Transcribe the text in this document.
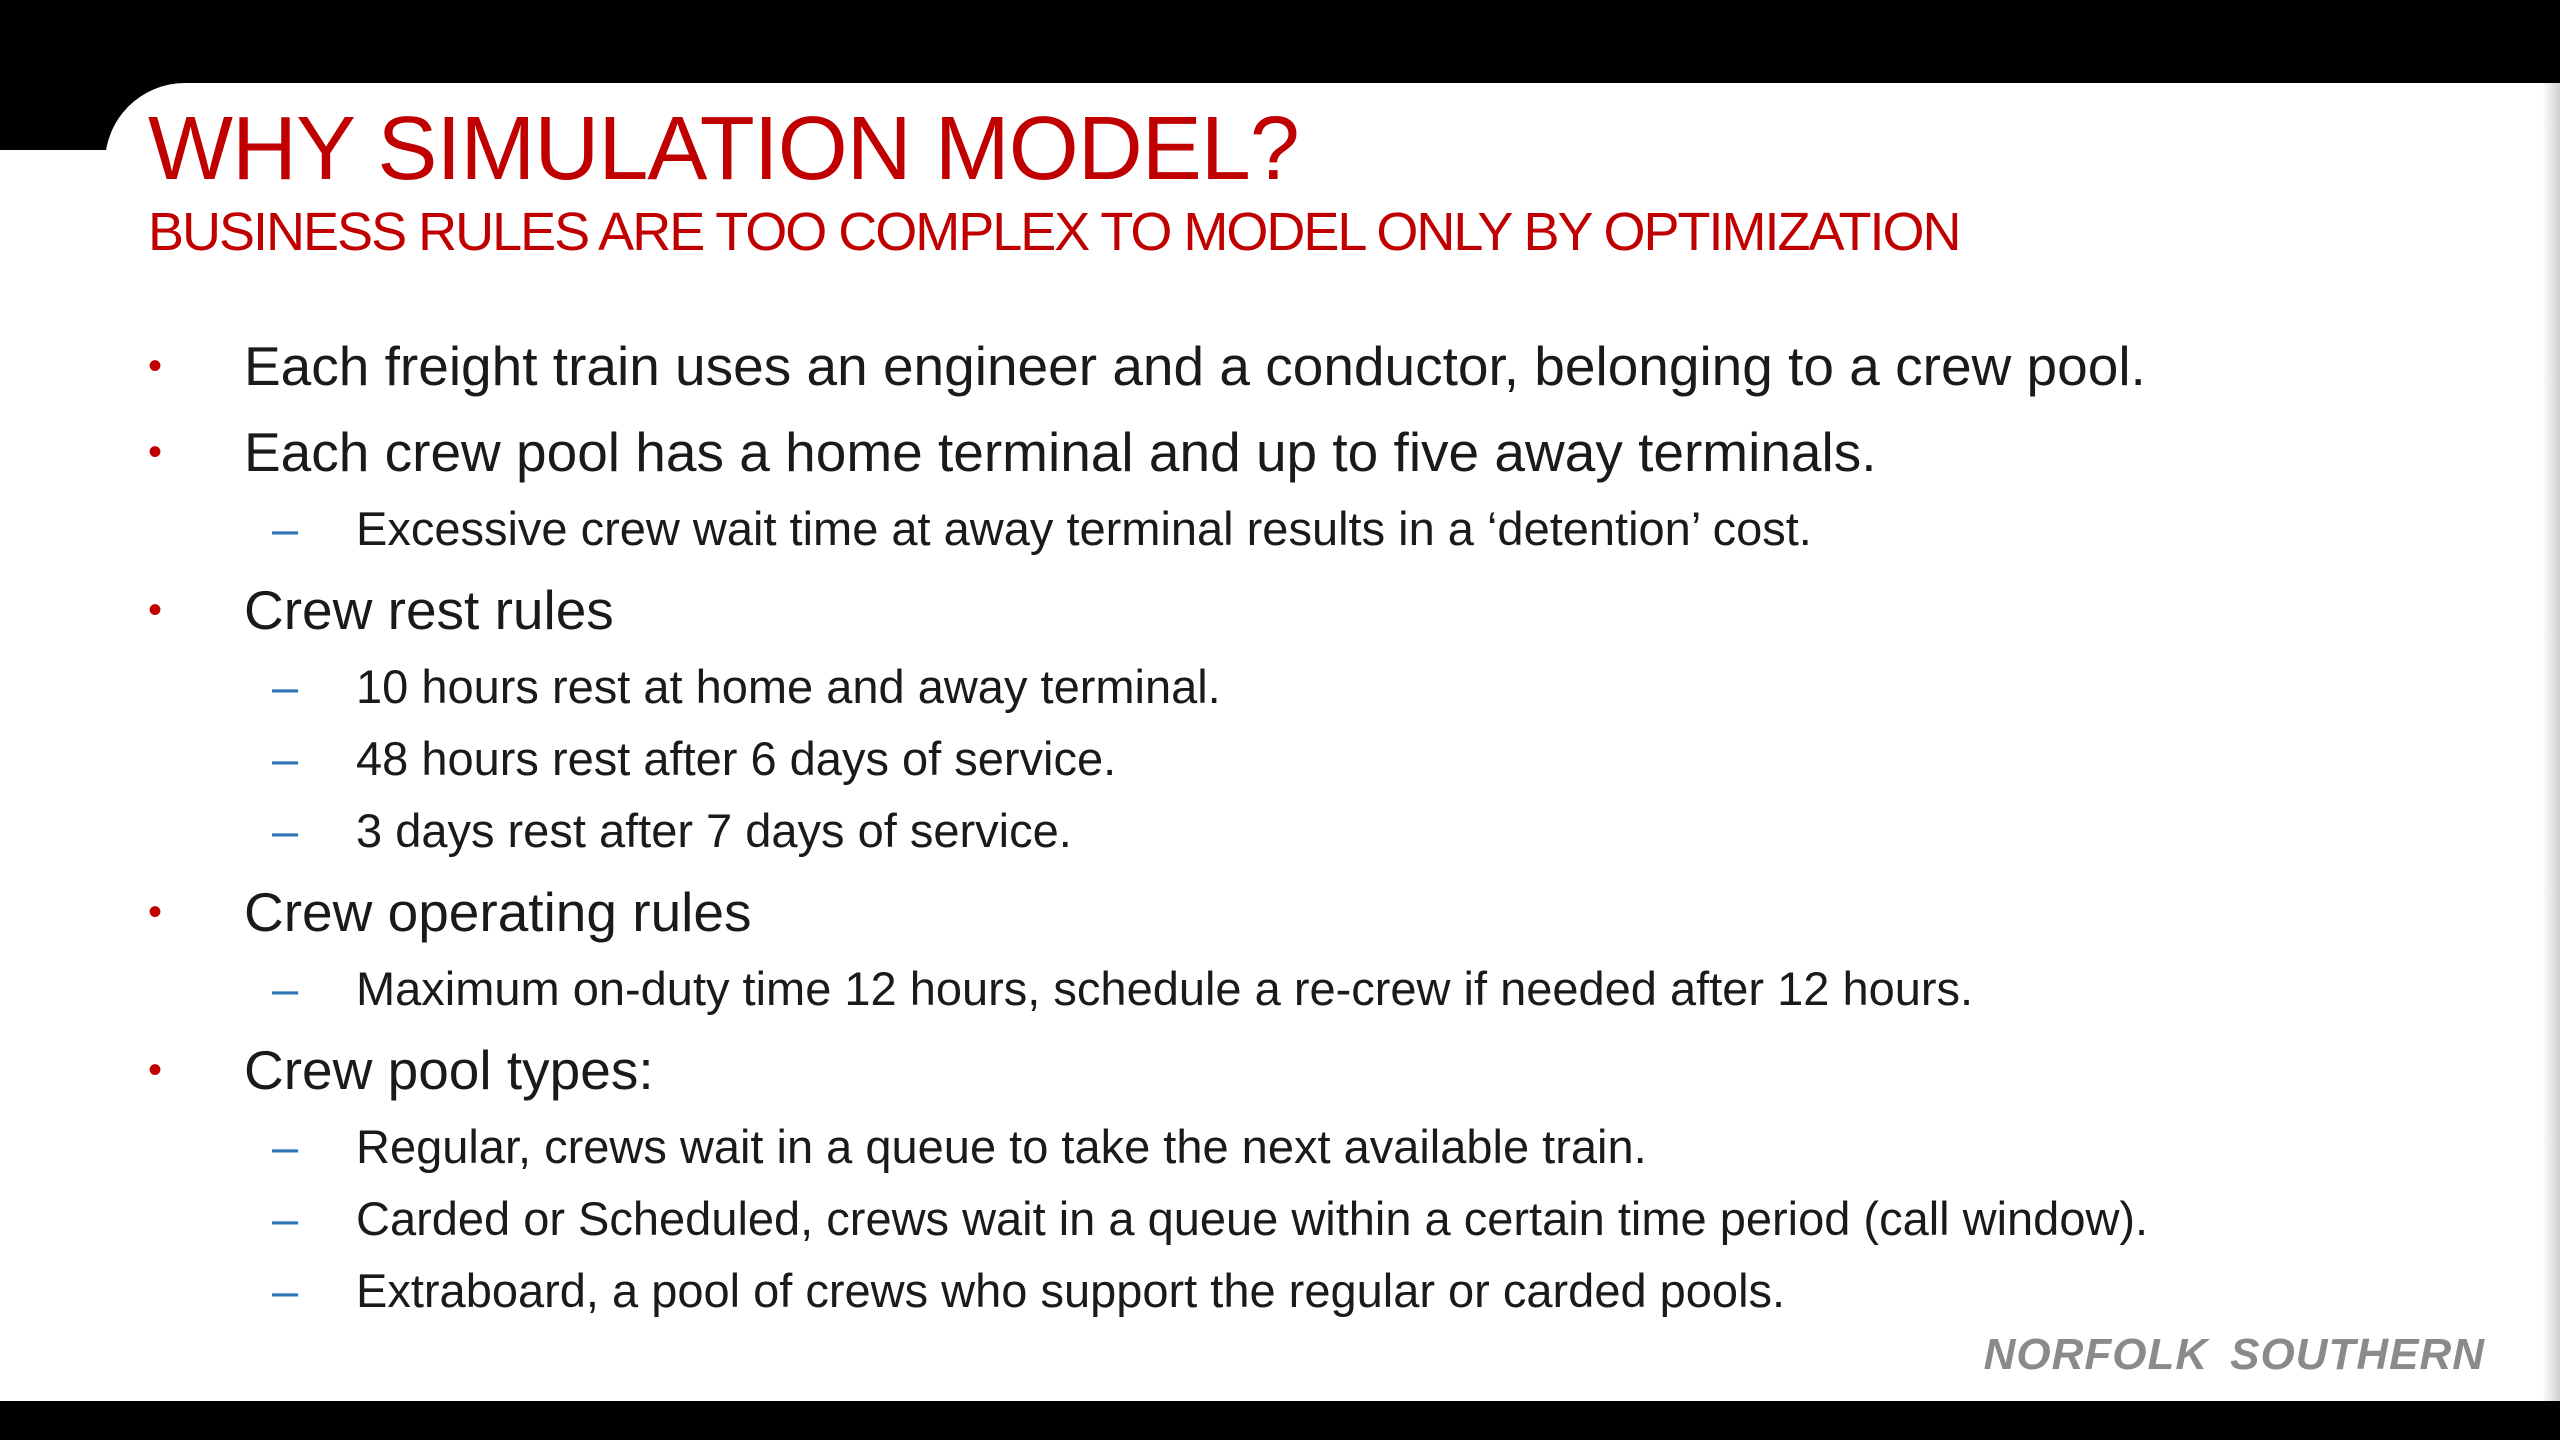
WHY SIMULATION MODEL?
BUSINESS RULES ARE TOO COMPLEX TO MODEL ONLY BY OPTIMIZATION
• Each freight train uses an engineer and a conductor, belonging to a crew pool.
• Each crew pool has a home terminal and up to five away terminals.
– Excessive crew wait time at away terminal results in a ‘detention’ cost.
• Crew rest rules
– 10 hours rest at home and away terminal.
– 48 hours rest after 6 days of service.
– 3 days rest after 7 days of service.
• Crew operating rules
– Maximum on-duty time 12 hours, schedule a re-crew if needed after 12 hours.
• Crew pool types:
– Regular, crews wait in a queue to take the next available train.
– Carded or Scheduled, crews wait in a queue within a certain time period (call window).
– Extraboard, a pool of crews who support the regular or carded pools.
NORFOLK SOUTHERN
